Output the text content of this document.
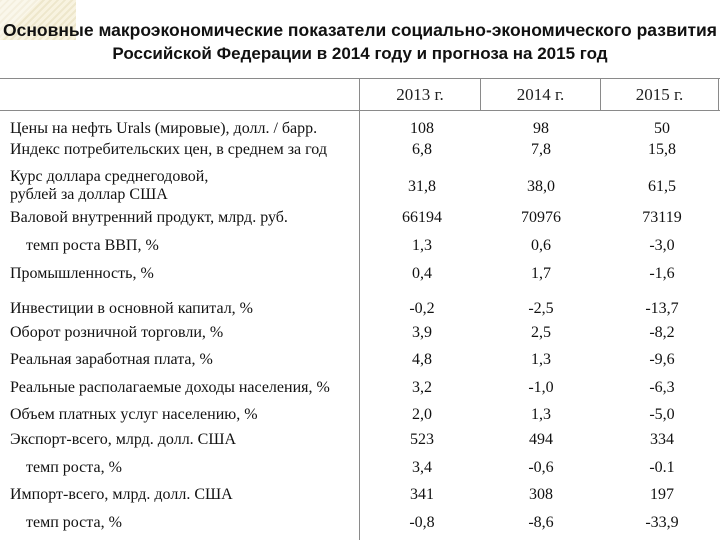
Основные макроэкономические показатели социально-экономического развития
Российской Федерации в 2014 году и прогноза на 2015 год
2013 г.	2014 г.	2015 г.
Цены на нефть Urals (мировые), долл. / барр.	108	98	50
Индекс потребительских цен, в среднем за год	6,8	7,8	15,8
Курс доллара среднегодовой,
рублей за доллар США	31,8	38,0	61,5
Валовой внутренний продукт, млрд. руб.	66194	70976	73119
темп роста ВВП, %	1,3	0,6	-3,0
Промышленность, %	0,4	1,7	-1,6
Инвестиции в основной капитал, %	-0,2	-2,5	-13,7
Оборот розничной торговли, %	3,9	2,5	-8,2
Реальная заработная плата, %	4,8	1,3	-9,6
Реальные располагаемые доходы населения, %	3,2	-1,0	-6,3
Объем платных услуг населению, %	2,0	1,3	-5,0
Экспорт-всего, млрд. долл. США	523	494	334
темп роста, %	3,4	-0,6	-0.1
Импорт-всего, млрд. долл. США	341	308	197
темп роста, %	-0,8	-8,6	-33,9
